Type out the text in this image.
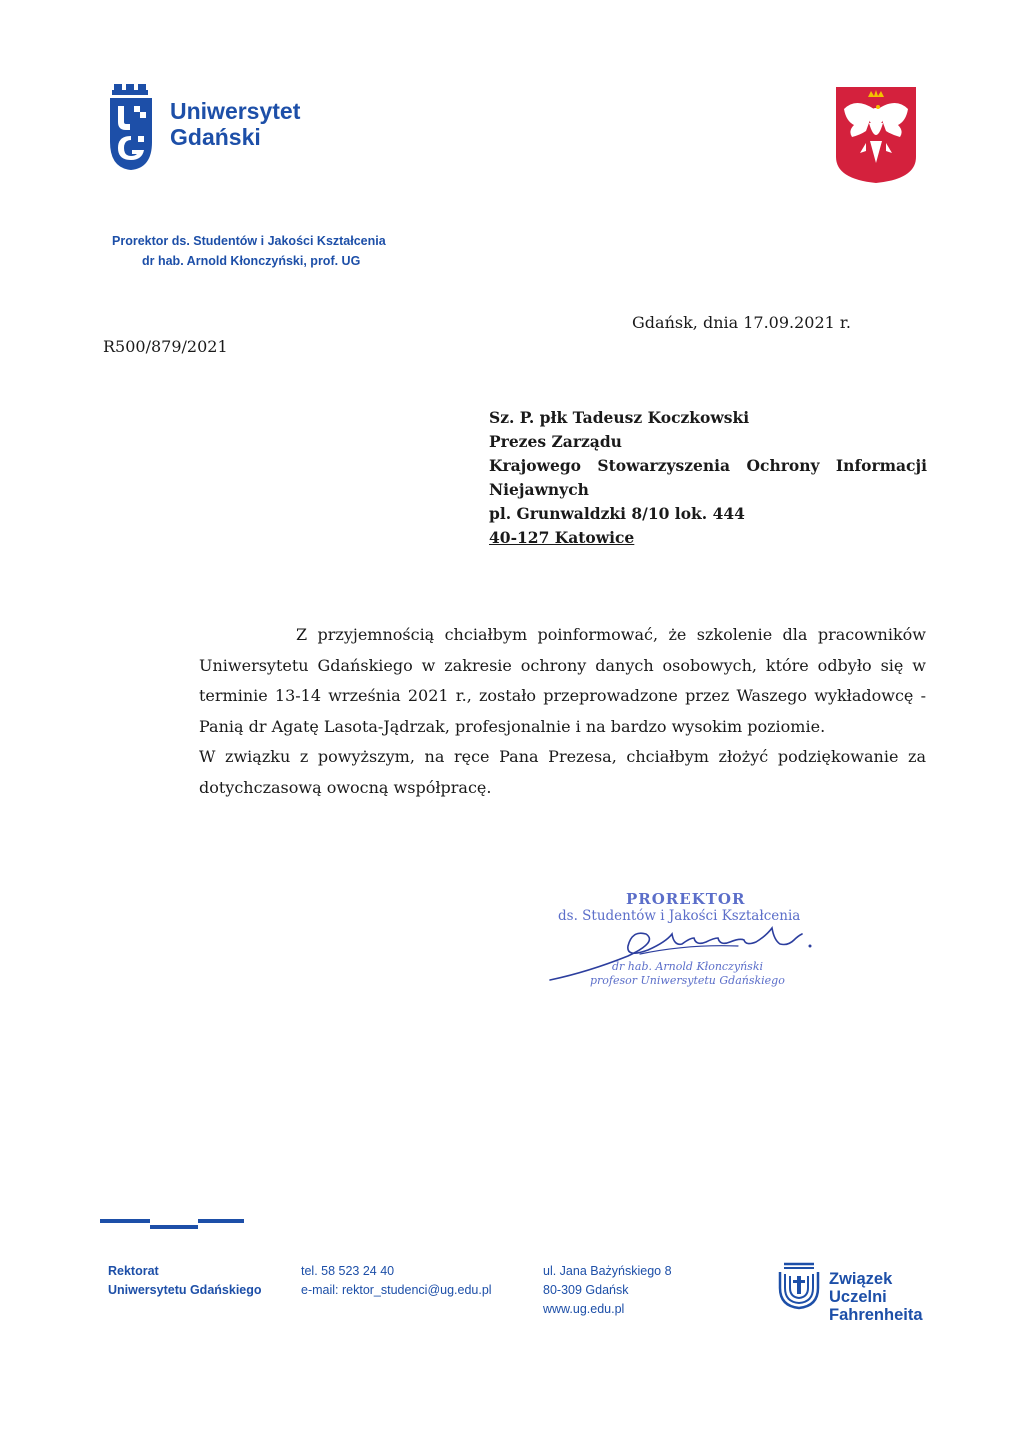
Uniwersytet
Gdański
Prorektor ds. Studentów i Jakości Kształcenia
dr hab. Arnold Kłonczyński, prof. UG
Gdańsk, dnia 17.09.2021 r.
R500/879/2021
Sz. P. płk Tadeusz Koczkowski
Prezes Zarządu
Krajowego Stowarzyszenia Ochrony Informacji
Niejawnych
pl. Grunwaldzki 8/10 lok. 444
40-127 Katowice

Z przyjemnością chciałbym poinformować, że szkolenie dla pracowników Uniwersytetu Gdańskiego w zakresie ochrony danych osobowych, które odbyło się w terminie 13-14 września 2021 r., zostało przeprowadzone przez Waszego wykładowcę - Panią dr Agatę Lasota-Jądrzak, profesjonalnie i na bardzo wysokim poziomie.

W związku z powyższym, na ręce Pana Prezesa, chciałbym złożyć podziękowanie za dotychczasową owocną współpracę.

PROREKTOR
ds. Studentów i Jakości Kształcenia
dr hab. Arnold Kłonczyński
profesor Uniwersytetu Gdańskiego
Rektorat
Uniwersytetu Gdańskiego
tel. 58 523 24 40
e-mail: rektor_studenci@ug.edu.pl
ul. Jana Bażyńskiego 8
80-309 Gdańsk
www.ug.edu.pl
Związek
Uczelni
Fahrenheita
